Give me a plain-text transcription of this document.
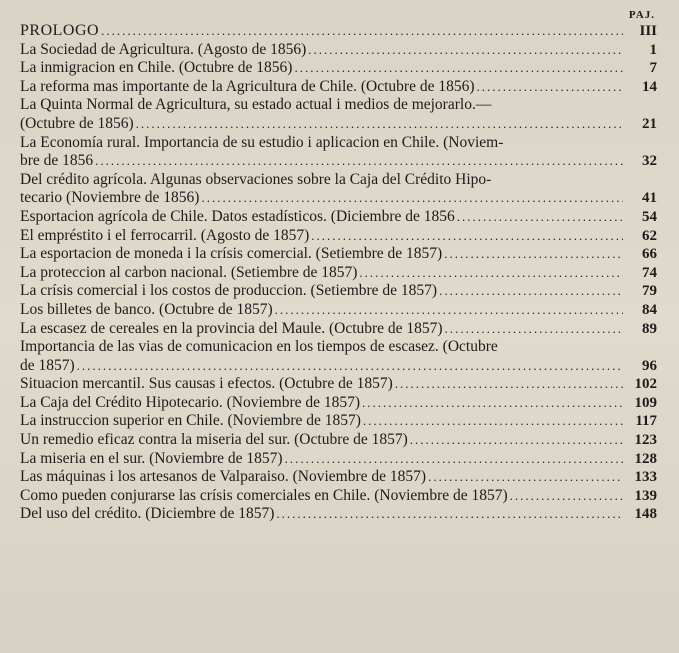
PAJ.
PROLOGO .....	III
La Sociedad de Agricultura. (Agosto de 1856) .....	1
La inmigracion en Chile. (Octubre de 1856) .....	7
La reforma mas importante de la Agricultura de Chile. (Octubre de 1856) .....	14
La Quinta Normal de Agricultura, su estado actual i medios de mejorarlo.—
(Octubre de 1856) .....	21
La Economía rural. Importancia de su estudio i aplicacion en Chile. (Noviem-
bre de 1856 .....	32
Del crédito agrícola. Algunas observaciones sobre la Caja del Crédito Hipo-
tecario (Noviembre de 1856) .....	41
Esportacion agrícola de Chile. Datos estadísticos. (Diciembre de 1856 .....	54
El empréstito i el ferrocarril. (Agosto de 1857) .....	62
La esportacion de moneda i la crísis comercial. (Setiembre de 1857) .....	66
La proteccion al carbon nacional. (Setiembre de 1857) .....	74
La crísis comercial i los costos de produccion. (Setiembre de 1857) .....	79
Los billetes de banco. (Octubre de 1857) .....	84
La escasez de cereales en la provincia del Maule. (Octubre de 1857) .....	89
Importancia de las vias de comunicacion en los tiempos de escasez. (Octubre
de 1857) .....	96
Situacion mercantil. Sus causas i efectos. (Octubre de 1857) .....	102
La Caja del Crédito Hipotecario. (Noviembre de 1857) .....	109
La instruccion superior en Chile. (Noviembre de 1857) .....	117
Un remedio eficaz contra la miseria del sur. (Octubre de 1857) .....	123
La miseria en el sur. (Noviembre de 1857) .....	128
Las máquinas i los artesanos de Valparaiso. (Noviembre de 1857) .....	133
Como pueden conjurarse las crísis comerciales en Chile. (Noviembre de 1857) .....	139
Del uso del crédito. (Diciembre de 1857) .....	148
